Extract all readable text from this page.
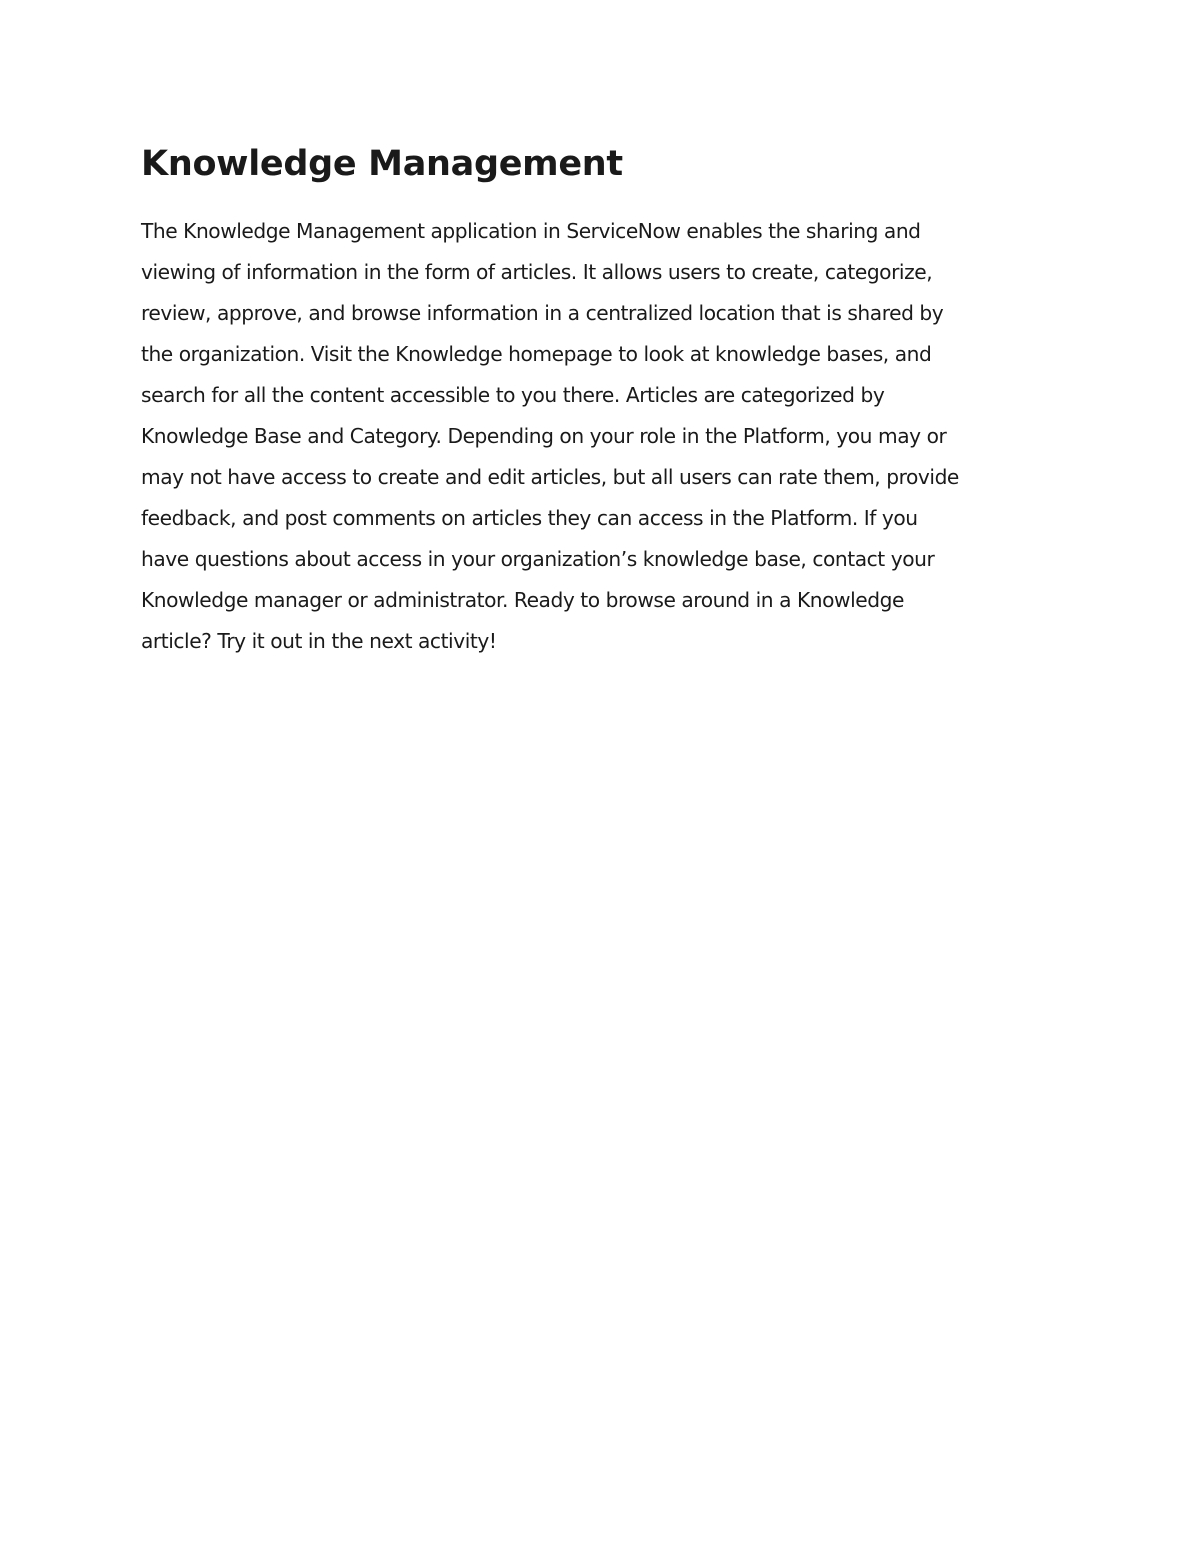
Knowledge Management

The Knowledge Management application in ServiceNow enables the sharing and
viewing of information in the form of articles. It allows users to create, categorize,
review, approve, and browse information in a centralized location that is shared by
the organization. Visit the Knowledge homepage to look at knowledge bases, and
search for all the content accessible to you there. Articles are categorized by
Knowledge Base and Category. Depending on your role in the Platform, you may or
may not have access to create and edit articles, but all users can rate them, provide
feedback, and post comments on articles they can access in the Platform. If you
have questions about access in your organization’s knowledge base, contact your
Knowledge manager or administrator. Ready to browse around in a Knowledge
article? Try it out in the next activity!
